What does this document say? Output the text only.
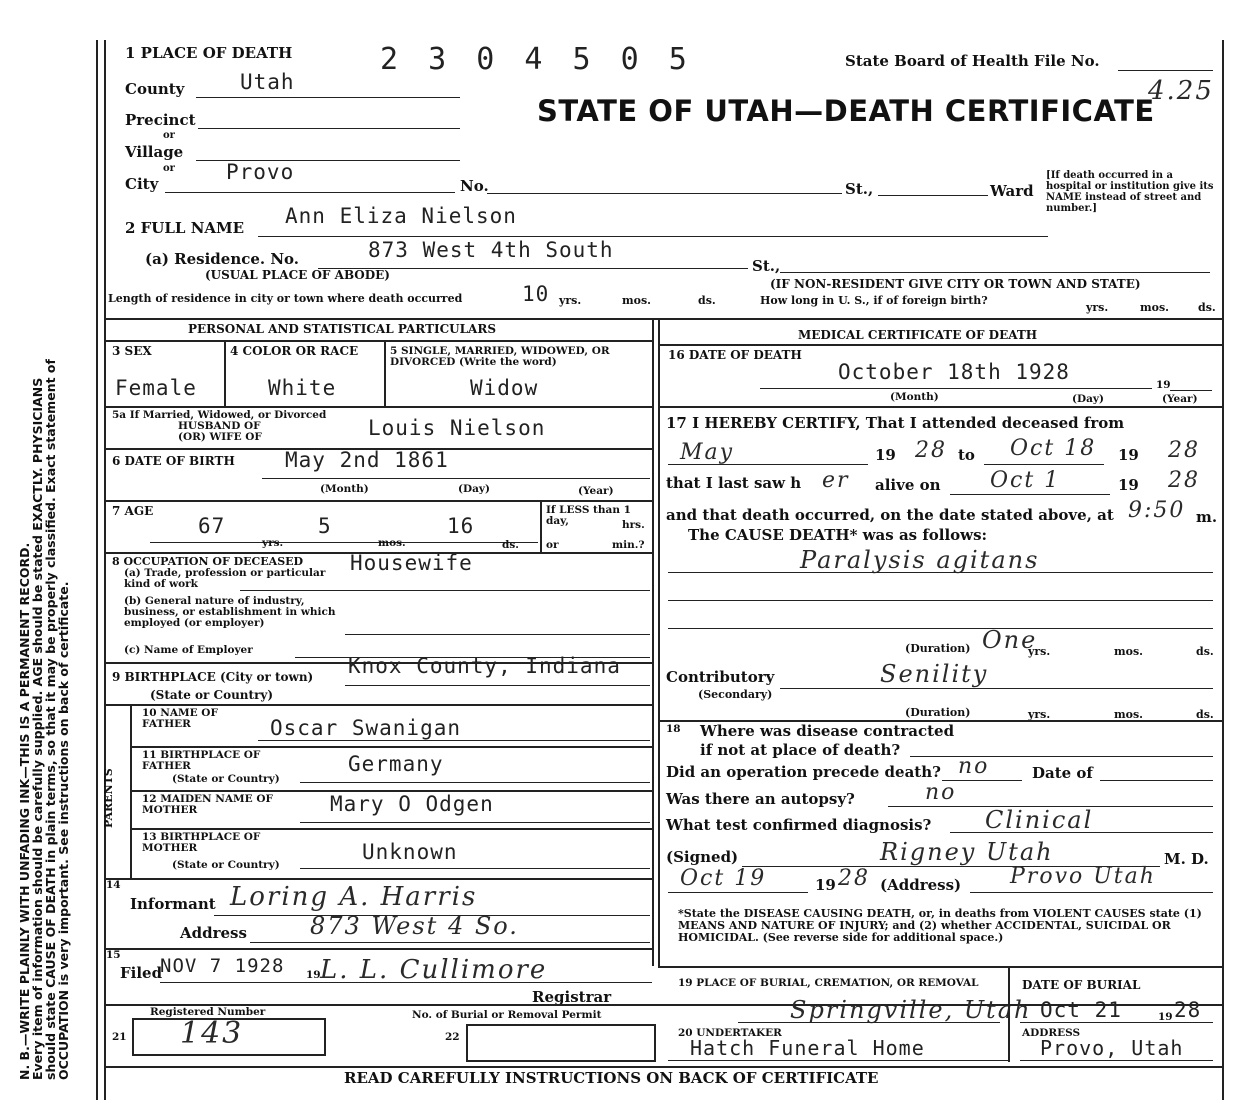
N. B.—WRITE PLAINLY WITH UNFADING INK—THIS IS A PERMANENT RECORD.
Every item of information should be carefully supplied. AGE should be stated EXACTLY. PHYSICIANS
should state CAUSE OF DEATH in plain terms, so that it may be properly classified. Exact statement of
OCCUPATION is very important. See instructions on back of certificate.
1 PLACE OF DEATH	2 3 0 4 5 0 5	State Board of Health File No.
4.25
STATE OF UTAH—DEATH CERTIFICATE
County	Utah
Precinct
or
Village
or
City	Provo
No.	St.,	Ward
[If death occurred in a hospital or institution give its NAME instead of street and number.]
2 FULL NAME Ann Eliza Nielson
(a) Residence. No.	873 West 4th South
(USUAL PLACE OF ABODE)	St.,
(IF NON-RESIDENT GIVE CITY OR TOWN AND STATE)
Length of residence in city or town where death occurred	10 yrs.	mos.	ds.	How long in U. S., if of foreign birth?
yrs.	mos.	ds.
PERSONAL AND STATISTICAL PARTICULARS
3 SEX
Female
4 COLOR OR RACE
White
5 SINGLE, MARRIED, WIDOWED, OR DIVORCED (Write the word)
Widow
5a If Married, Widowed, or Divorced
HUSBAND OF
(OR) WIFE OF	Louis Nielson
6 DATE OF BIRTH May 2nd 1861
(Month)	(Day)	(Year)
7 AGE
67	5	16
yrs.	mos.	ds.
If LESS than 1 day,	hrs.
or	min.?
8 OCCUPATION OF DECEASED Housewife
(a) Trade, profession or particular kind of work
(b) General nature of industry, business, or establishment in which employed (or employer)
(c) Name of Employer
9 BIRTHPLACE (City or town) Knox County, Indiana
(State or Country)
PARENTS
10 NAME OF FATHER	Oscar Swanigan
11 BIRTHPLACE OF FATHER
(State or Country)
Germany
12 MAIDEN NAME OF MOTHER	Mary O Odgen
13 BIRTHPLACE OF MOTHER
(State or Country)
Unknown
14
Informant Loring A. Harris
Address	873 West 4 So.
15
Filed
NOV 7 1928 19 L. L. Cullimore
Registrar
Registered Number
21 143
No. of Burial or Removal Permit
22
MEDICAL CERTIFICATE OF DEATH
16 DATE OF DEATH
October 18th 1928
19
(Month)	(Day)	(Year)
17 I HEREBY CERTIFY, That I attended deceased from
May	19 28 to Oct 18 19 28
that I last saw h er alive on Oct 1	19 28
and that death occurred, on the date stated above, at 9:50 m.
The CAUSE DEATH* was as follows:
Paralysis agitans
(Duration) One
yrs.	mos.	ds.
Contributory
(Secondary)
Senility
(Duration)	yrs.	mos.	ds.
18 Where was disease contracted
if not at place of death?
Did an operation precede death? no	Date of
Was there an autopsy?	no
What test confirmed diagnosis? Clinical
(Signed)	Rigney Utah	M. D.
Oct 19	19 28 (Address) Provo Utah
*State the DISEASE CAUSING DEATH, or, in deaths from VIOLENT CAUSES state (1) MEANS AND NATURE OF INJURY; and (2) whether ACCIDENTAL, SUICIDAL OR HOMICIDAL. (See reverse side for additional space.)
19 PLACE OF BURIAL, CREMATION, OR REMOVAL
Springville, Utah
DATE OF BURIAL
Oct 21	19 28
20 UNDERTAKER
Hatch Funeral Home
ADDRESS
Provo, Utah
READ CAREFULLY INSTRUCTIONS ON BACK OF CERTIFICATE
